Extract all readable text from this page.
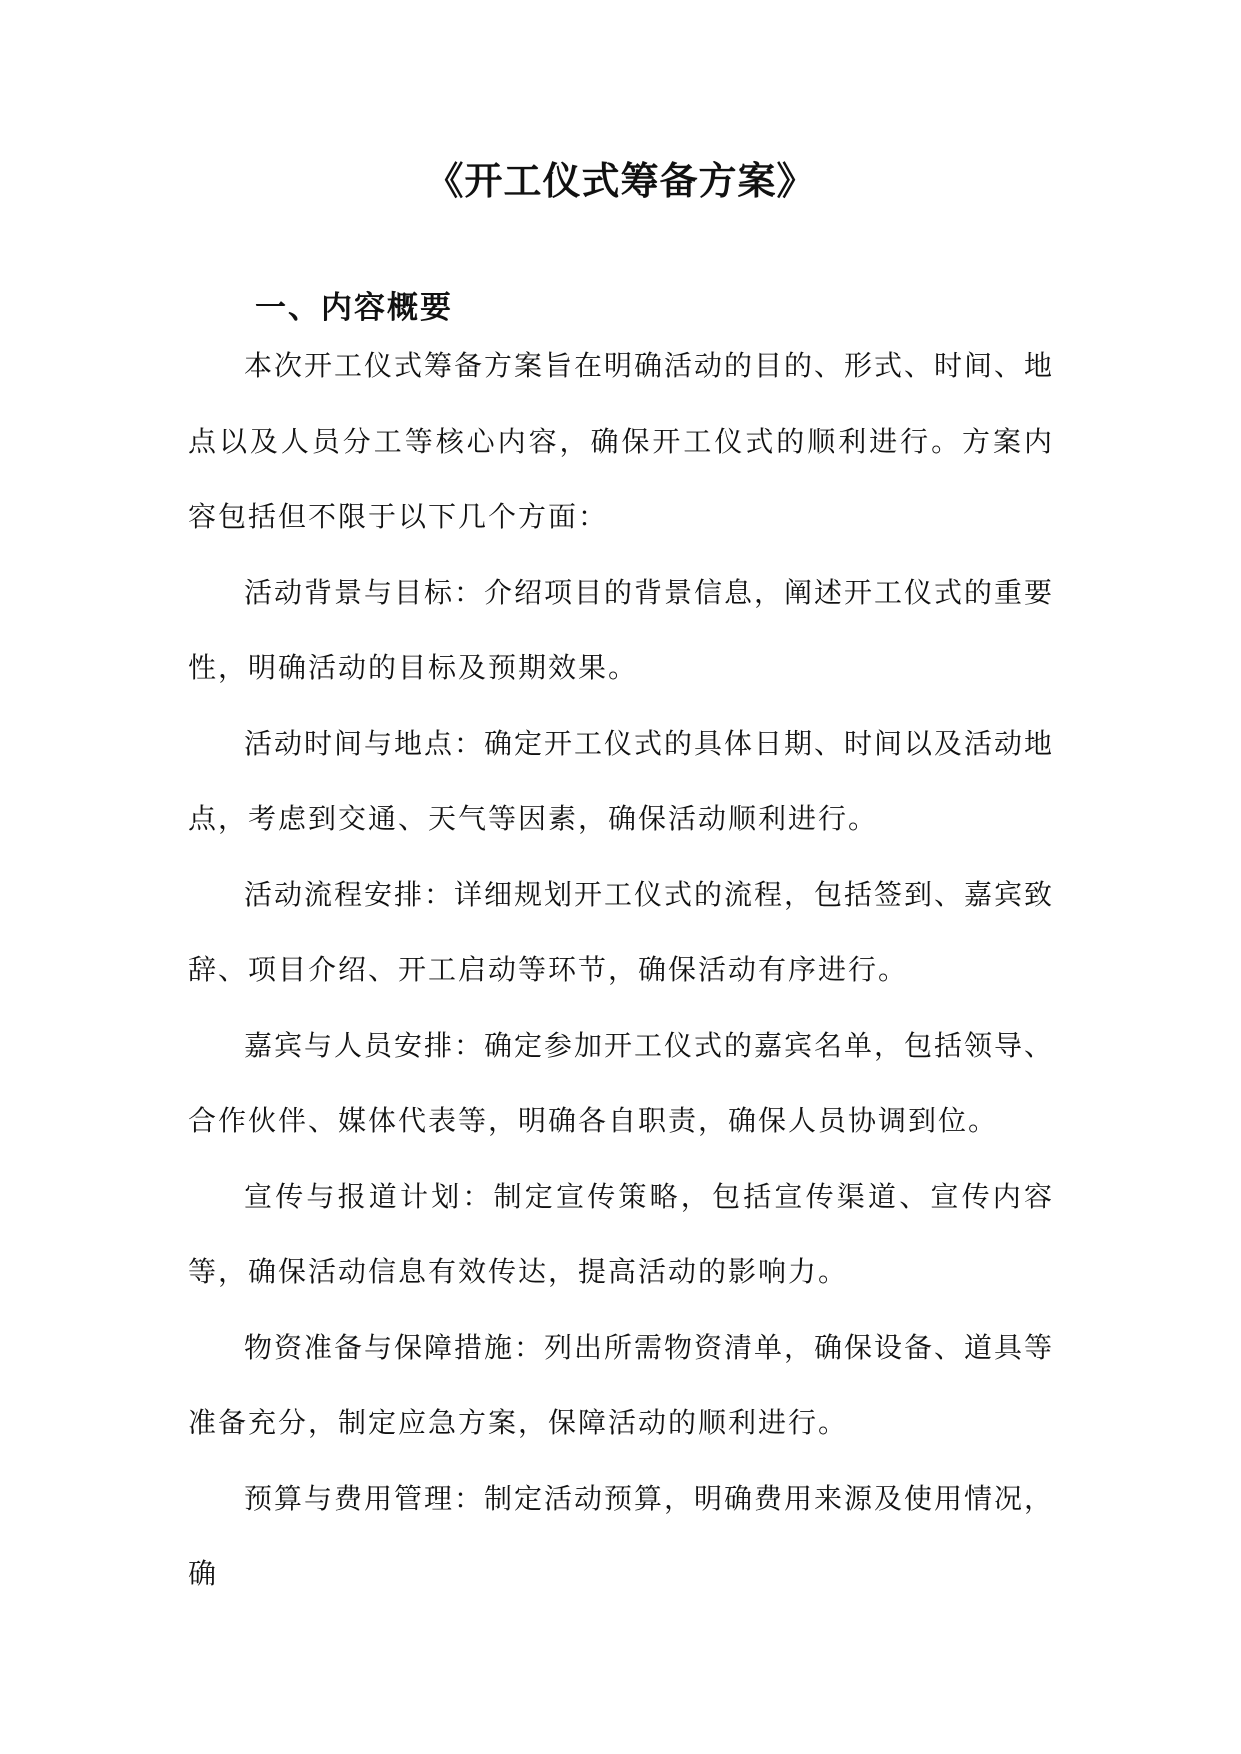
《开工仪式筹备方案》
一、内容概要

本次开工仪式筹备方案旨在明确活动的目的、形式、时间、地点以及人员分工等核心内容，确保开工仪式的顺利进行。方案内容包括但不限于以下几个方面：

活动背景与目标：介绍项目的背景信息，阐述开工仪式的重要性，明确活动的目标及预期效果。

活动时间与地点：确定开工仪式的具体日期、时间以及活动地点，考虑到交通、天气等因素，确保活动顺利进行。

活动流程安排：详细规划开工仪式的流程，包括签到、嘉宾致辞、项目介绍、开工启动等环节，确保活动有序进行。

嘉宾与人员安排：确定参加开工仪式的嘉宾名单，包括领导、合作伙伴、媒体代表等，明确各自职责，确保人员协调到位。

宣传与报道计划：制定宣传策略，包括宣传渠道、宣传内容等，确保活动信息有效传达，提高活动的影响力。

物资准备与保障措施：列出所需物资清单，确保设备、道具等准备充分，制定应急方案，保障活动的顺利进行。

预算与费用管理：制定活动预算，明确费用来源及使用情况，确
